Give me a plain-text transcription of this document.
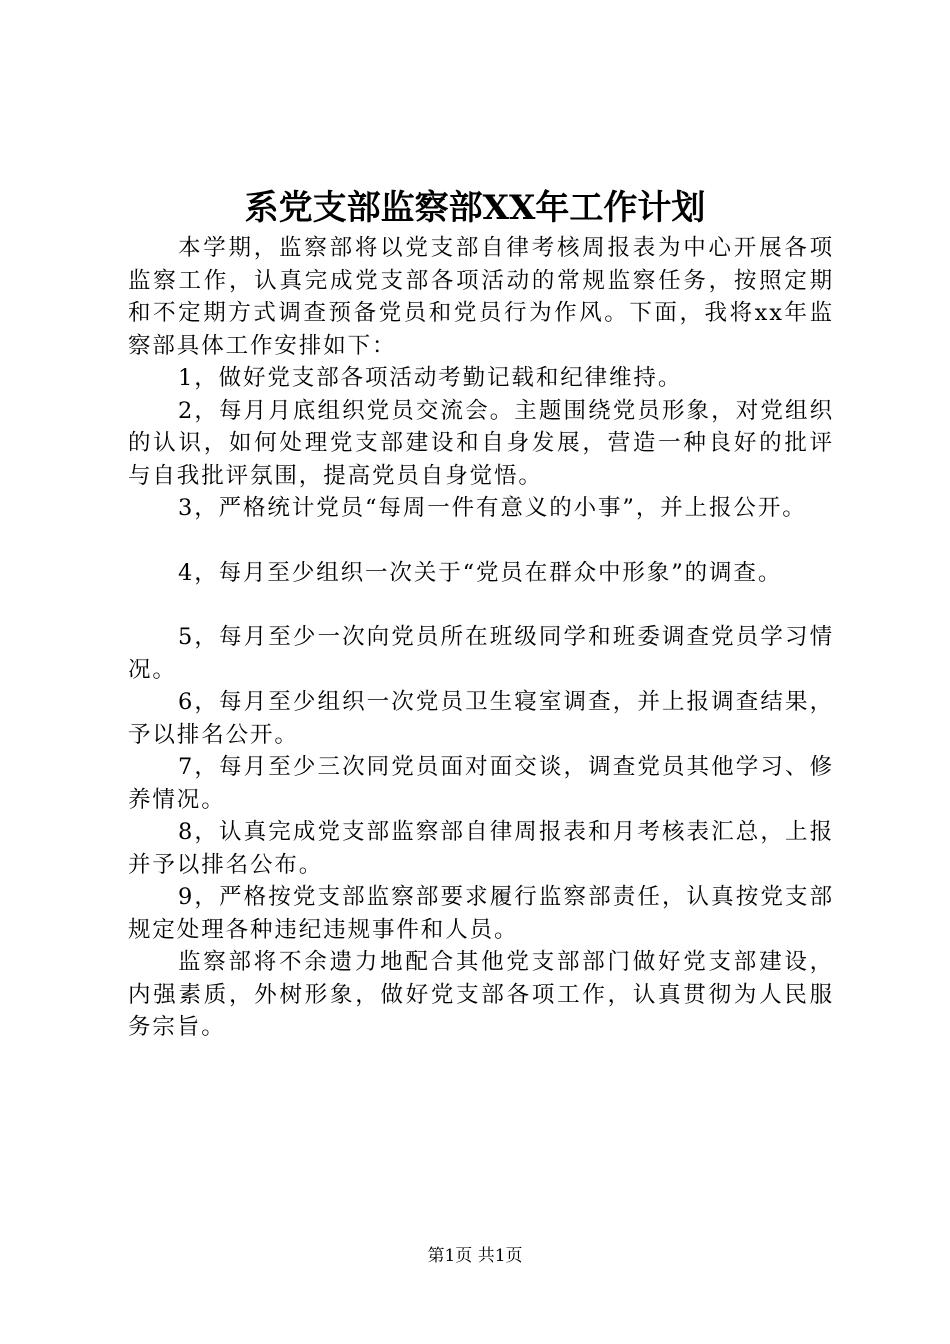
系党支部监察部XX年工作计划

本学期，监察部将以党支部自律考核周报表为中心开展各项监察工作，认真完成党支部各项活动的常规监察任务，按照定期和不定期方式调查预备党员和党员行为作风。下面，我将xx年监察部具体工作安排如下：

1，做好党支部各项活动考勤记载和纪律维持。

2，每月月底组织党员交流会。主题围绕党员形象，对党组织的认识，如何处理党支部建设和自身发展，营造一种良好的批评与自我批评氛围，提高党员自身觉悟。

3，严格统计党员“每周一件有意义的小事”，并上报公开。

4，每月至少组织一次关于“党员在群众中形象”的调查。

5，每月至少一次向党员所在班级同学和班委调查党员学习情况。

6，每月至少组织一次党员卫生寝室调查，并上报调查结果，予以排名公开。

7，每月至少三次同党员面对面交谈，调查党员其他学习、修养情况。

8，认真完成党支部监察部自律周报表和月考核表汇总，上报并予以排名公布。

9，严格按党支部监察部要求履行监察部责任，认真按党支部规定处理各种违纪违规事件和人员。

监察部将不余遗力地配合其他党支部部门做好党支部建设，内强素质，外树形象，做好党支部各项工作，认真贯彻为人民服务宗旨。

第1页 共1页
